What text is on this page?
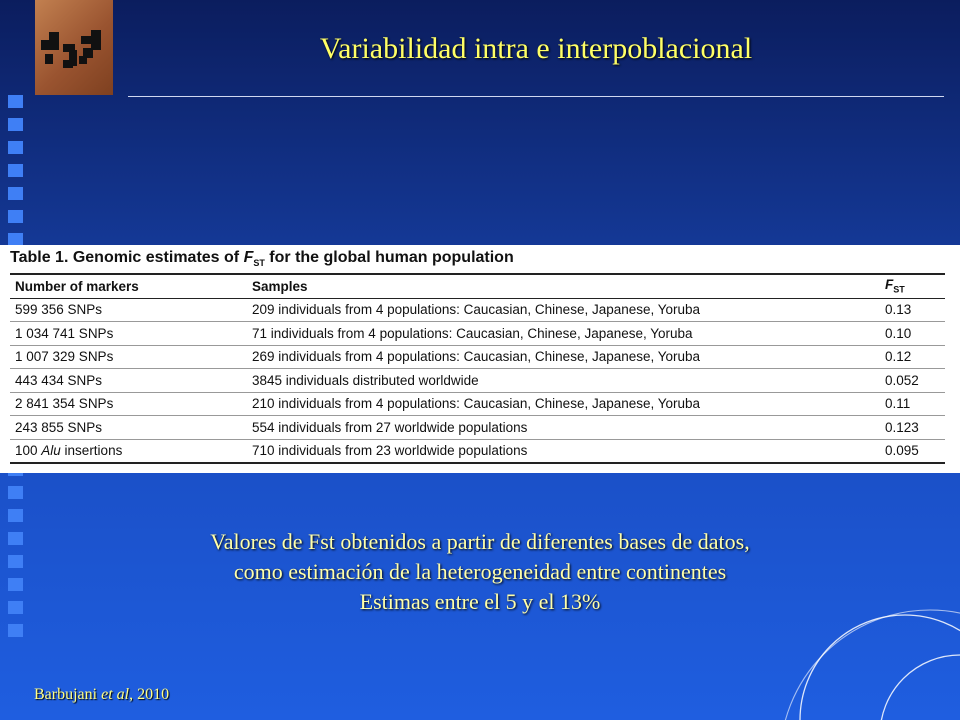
Variabilidad intra e interpoblacional
Table 1. Genomic estimates of $F_{ST}$ for the global human population
Number of markers	Samples	$F_{ST}$
599 356 SNPs	209 individuals from 4 populations: Caucasian, Chinese, Japanese, Yoruba	0.13
1 034 741 SNPs	71 individuals from 4 populations: Caucasian, Chinese, Japanese, Yoruba	0.10
1 007 329 SNPs	269 individuals from 4 populations: Caucasian, Chinese, Japanese, Yoruba	0.12
443 434 SNPs	3845 individuals distributed worldwide	0.052
2 841 354 SNPs	210 individuals from 4 populations: Caucasian, Chinese, Japanese, Yoruba	0.11
243 855 SNPs	554 individuals from 27 worldwide populations	0.123
100 Alu insertions	710 individuals from 23 worldwide populations	0.095
Valores de Fst obtenidos a partir de diferentes bases de datos,
como estimación de la heterogeneidad entre continentes
Estimas entre el 5 y el 13%
Barbujani et al, 2010
